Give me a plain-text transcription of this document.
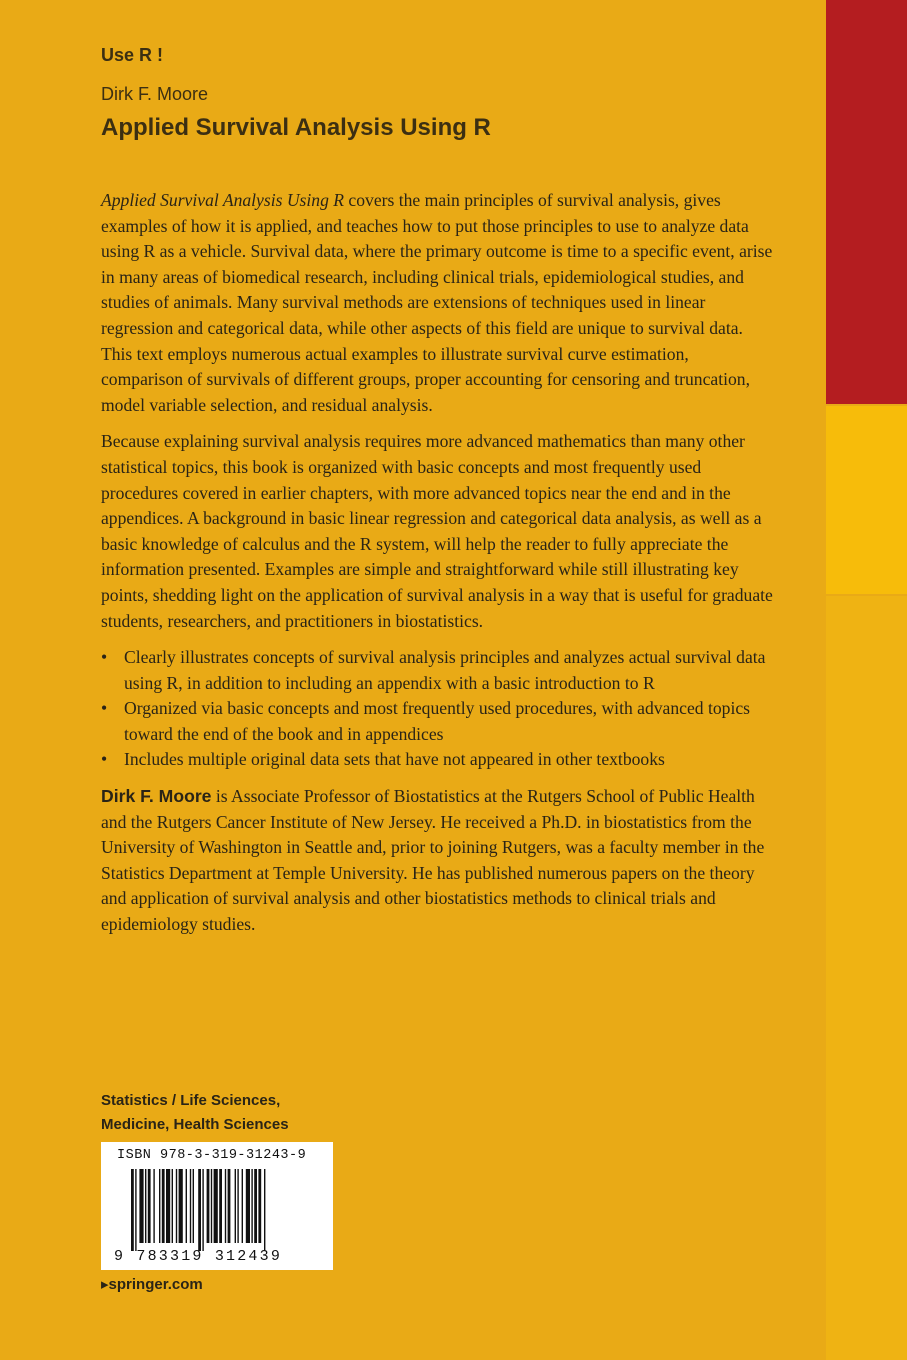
Use R !
Dirk F. Moore
Applied Survival Analysis Using R

Applied Survival Analysis Using R covers the main principles of survival analysis, gives examples of how it is applied, and teaches how to put those principles to use to analyze data using R as a vehicle. Survival data, where the primary outcome is time to a specific event, arise in many areas of biomedical research, including clinical trials, epidemiological studies, and studies of animals. Many survival methods are extensions of techniques used in linear regression and categorical data, while other aspects of this field are unique to survival data. This text employs numerous actual examples to illustrate survival curve estimation, comparison of survivals of different groups, proper accounting for censoring and truncation, model variable selection, and residual analysis.

Because explaining survival analysis requires more advanced mathematics than many other statistical topics, this book is organized with basic concepts and most frequently used procedures covered in earlier chapters, with more advanced topics near the end and in the appendices. A background in basic linear regression and categorical data analysis, as well as a basic knowledge of calculus and the R system, will help the reader to fully appreciate the information presented. Examples are simple and straightforward while still illustrating key points, shedding light on the application of survival analysis in a way that is useful for graduate students, researchers, and practitioners in biostatistics.

• Clearly illustrates concepts of survival analysis principles and analyzes actual survival data using R, in addition to including an appendix with a basic introduction to R
• Organized via basic concepts and most frequently used procedures, with advanced topics toward the end of the book and in appendices
• Includes multiple original data sets that have not appeared in other textbooks

Dirk F. Moore is Associate Professor of Biostatistics at the Rutgers School of Public Health and the Rutgers Cancer Institute of New Jersey. He received a Ph.D. in biostatistics from the University of Washington in Seattle and, prior to joining Rutgers, was a faculty member in the Statistics Department at Temple University. He has published numerous papers on the theory and application of survival analysis and other biostatistics methods to clinical trials and epidemiology studies.

Statistics / Life Sciences,
Medicine, Health Sciences
ISBN 978-3-319-31243-9
9 783319 312439
▸springer.com
